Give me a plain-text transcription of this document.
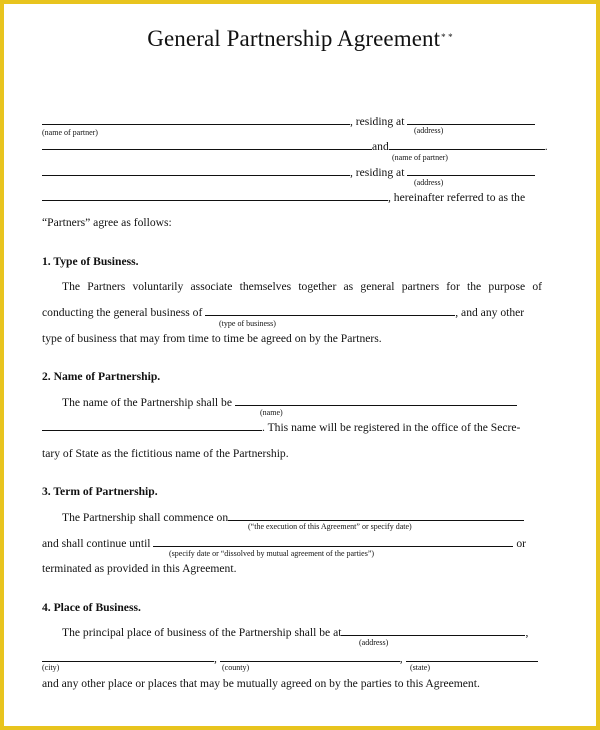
General Partnership Agreement* *
, residing at
(name of partner)	(address)
and	.
(name of partner)
, residing at
(address)
, hereinafter referred to as the
“Partners” agree as follows:
1. Type of Business.
The Partners voluntarily associate themselves together as general partners for the purpose of
conducting the general business of	, and any other
(type of business)
type of business that may from time to time be agreed on by the Partners.
2. Name of Partnership.
The name of the Partnership shall be
(name)
. This name will be registered in the office of the Secre-
tary of State as the fictitious name of the Partnership.
3. Term of Partnership.
The Partnership shall commence on
(“the execution of this Agreement” or specify date)
and shall continue until	or
(specify date or “dissolved by mutual agreement of the parties”)
terminated as provided in this Agreement.
4. Place of Business.
The principal place of business of the Partnership shall be at	,
(address)
,	,
(city)	(county)	(state)
and any other place or places that may be mutually agreed on by the parties to this Agreement.
